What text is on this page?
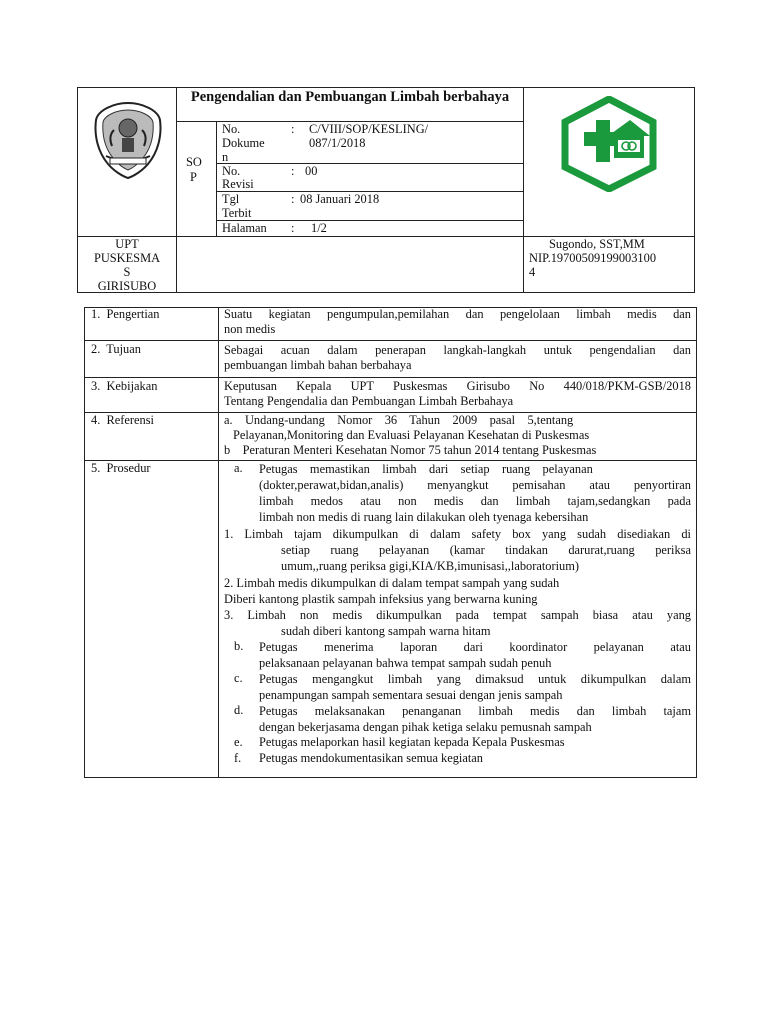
Pengendalian dan Pembuangan Limbah berbahaya
SO
P
No.
Dokume
n
: C/VIII/SOP/KESLING/
087/1/2018
No.
Revisi
: 00
Tgl
Terbit
: 08 Januari 2018
Halaman : 1/2
UPT
PUSKESMA
S
GIRISUBO
Sugondo, SST,MM
NIP.19700509199003100
4
1.  Pengertian
2.  Tujuan
3.  Kebijakan
4.  Referensi
5.  Prosedur
Suatu kegiatan pengumpulan,pemilahan dan pengelolaan limbah medis dan
non medis
Sebagai acuan dalam penerapan langkah-langkah untuk pengendalian dan
pembuangan limbah bahan berbahaya
Keputusan Kepala UPT Puskesmas Girisubo No 440/018/PKM-GSB/2018
Tentang Pengendalia dan Pembuangan Limbah Berbahaya
a.    Undang-undang    Nomor    36    Tahun    2009    pasal    5,tentang
Pelayanan,Monitoring dan Evaluasi Pelayanan Kesehatan di Puskesmas
b    Peraturan Menteri Kesehatan Nomor 75 tahun 2014 tentang Puskesmas
a. Petugas    memastikan    limbah    dari    setiap    ruang    pelayanan
(dokter,perawat,bidan,analis) menyangkut pemisahan atau penyortiran
limbah medos atau non medis dan limbah tajam,sedangkan pada
limbah non medis di ruang lain dilakukan oleh tyenaga kebersihan
1. Limbah tajam dikumpulkan di dalam safety box yang sudah disediakan di
setiap ruang pelayanan (kamar tindakan darurat,ruang periksa
umum,,ruang periksa gigi,KIA/KB,imunisasi,,laboratorium)
2. Limbah medis dikumpulkan di dalam tempat sampah yang sudah
Diberi kantong plastik sampah infeksius yang berwarna kuning
3. Limbah non medis dikumpulkan pada tempat sampah biasa atau yang
sudah diberi kantong sampah warna hitam
b. Petugas menerima laporan dari koordinator pelayanan atau
pelaksanaan pelayanan bahwa tempat sampah sudah penuh
c. Petugas mengangkut limbah yang dimaksud untuk dikumpulkan dalam
penampungan sampah sementara sesuai dengan jenis sampah
d. Petugas melaksanakan penanganan limbah medis dan limbah tajam
dengan bekerjasama dengan pihak ketiga selaku pemusnah sampah
e. Petugas melaporkan hasil kegiatan kepada Kepala Puskesmas
f. Petugas mendokumentasikan semua kegiatan
